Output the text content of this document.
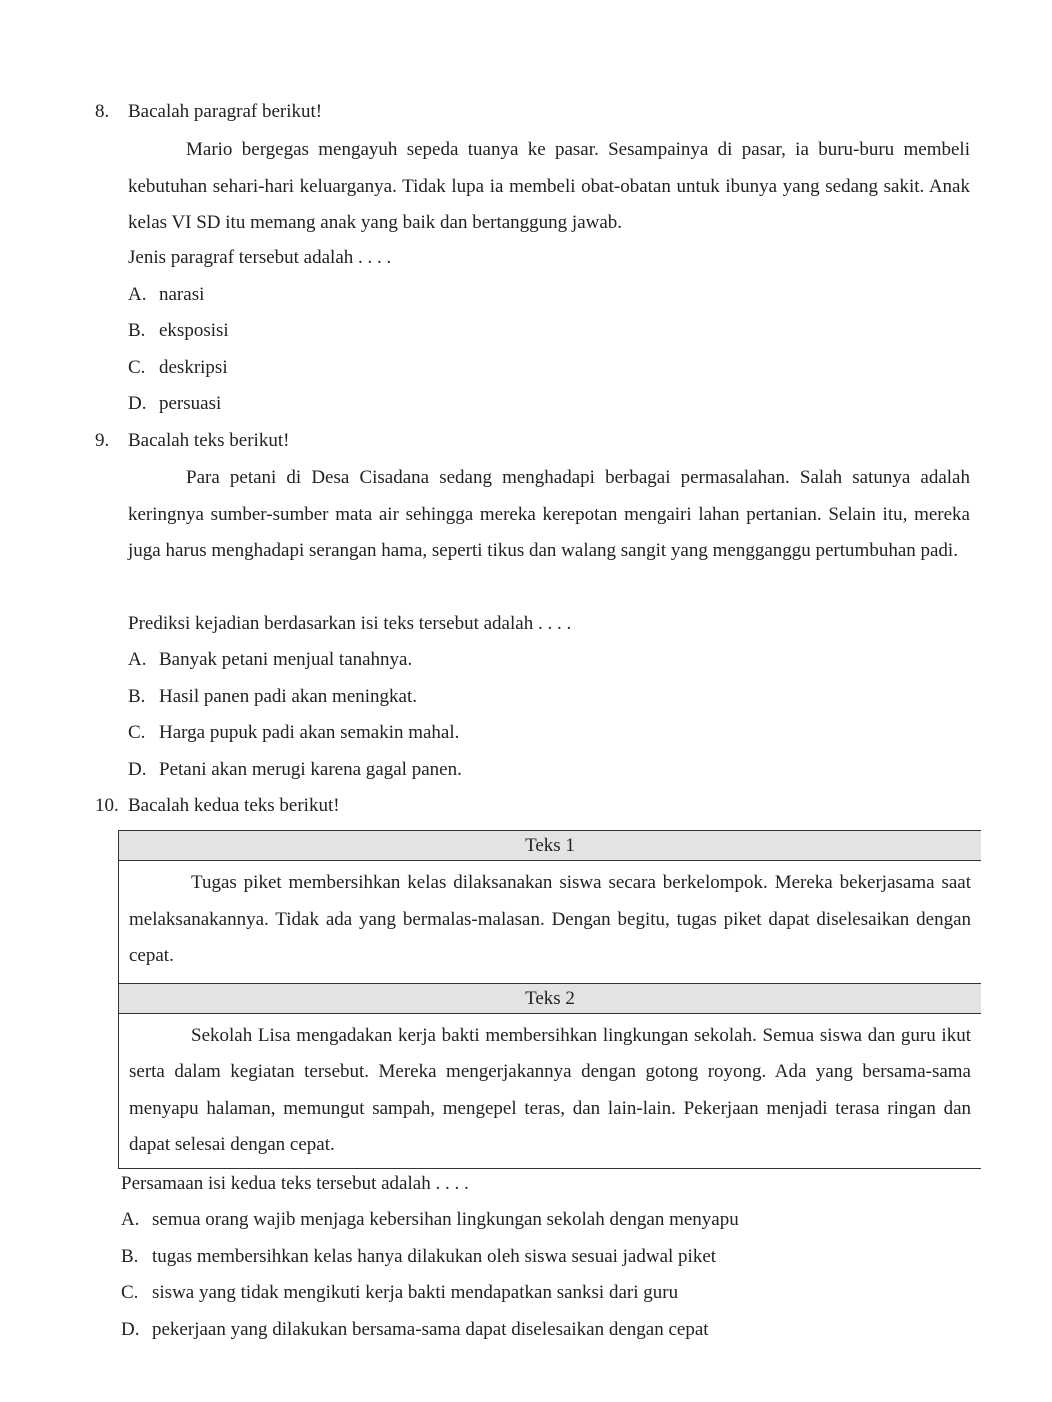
8. Bacalah paragraf berikut!

Mario bergegas mengayuh sepeda tuanya ke pasar. Sesampainya di pasar, ia buru-buru membeli kebutuhan sehari-hari keluarganya. Tidak lupa ia membeli obat-obatan untuk ibunya yang sedang sakit. Anak kelas VI SD itu memang anak yang baik dan bertanggung jawab.

Jenis paragraf tersebut adalah . . . .
A. narasi
B. eksposisi
C. deskripsi
D. persuasi
9. Bacalah teks berikut!

Para petani di Desa Cisadana sedang menghadapi berbagai permasalahan. Salah satunya adalah keringnya sumber-sumber mata air sehingga mereka kerepotan mengairi lahan pertanian. Selain itu, mereka juga harus menghadapi serangan hama, seperti tikus dan walang sangit yang mengganggu pertumbuhan padi.

Prediksi kejadian berdasarkan isi teks tersebut adalah . . . .
A. Banyak petani menjual tanahnya.
B. Hasil panen padi akan meningkat.
C. Harga pupuk padi akan semakin mahal.
D. Petani akan merugi karena gagal panen.
10. Bacalah kedua teks berikut!
Teks 1

Tugas piket membersihkan kelas dilaksanakan siswa secara berkelompok. Mereka bekerjasama saat melaksanakannya. Tidak ada yang bermalas-malasan. Dengan begitu, tugas piket dapat diselesaikan dengan cepat.

Teks 2

Sekolah Lisa mengadakan kerja bakti membersihkan lingkungan sekolah. Semua siswa dan guru ikut serta dalam kegiatan tersebut. Mereka mengerjakannya dengan gotong royong. Ada yang bersama-sama menyapu halaman, memungut sampah, mengepel teras, dan lain-lain. Pekerjaan menjadi terasa ringan dan dapat selesai dengan cepat.

Persamaan isi kedua teks tersebut adalah . . . .
A. semua orang wajib menjaga kebersihan lingkungan sekolah dengan menyapu
B. tugas membersihkan kelas hanya dilakukan oleh siswa sesuai jadwal piket
C. siswa yang tidak mengikuti kerja bakti mendapatkan sanksi dari guru
D. pekerjaan yang dilakukan bersama-sama dapat diselesaikan dengan cepat
